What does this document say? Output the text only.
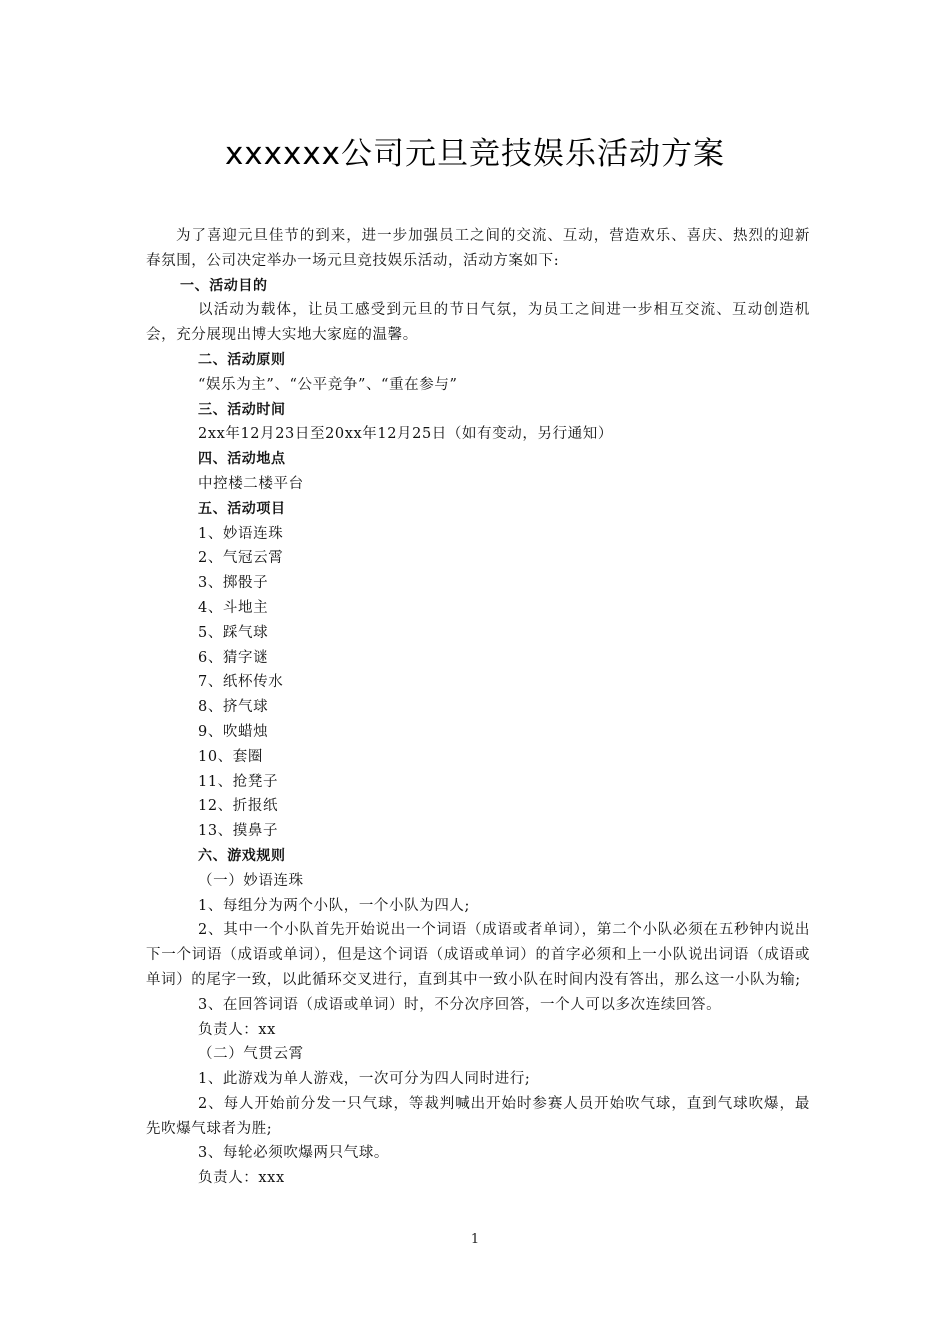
xxxxxx公司元旦竞技娱乐活动方案

为了喜迎元旦佳节的到来，进一步加强员工之间的交流、互动，营造欢乐、喜庆、热烈的迎新春氛围，公司决定举办一场元旦竞技娱乐活动，活动方案如下:

一、活动目的

以活动为载体，让员工感受到元旦的节日气氛，为员工之间进一步相互交流、互动创造机会，充分展现出博大实地大家庭的温馨。

二、活动原则

“娱乐为主”、“公平竞争”、“重在参与”

三、活动时间

2xx年12月23日至20xx年12月25日（如有变动，另行通知）

四、活动地点

中控楼二楼平台

五、活动项目

1、妙语连珠

2、气冠云霄

3、掷骰子

4、斗地主

5、踩气球

6、猜字谜

7、纸杯传水

8、挤气球

9、吹蜡烛

10、套圈

11、抢凳子

12、折报纸

13、摸鼻子

六、游戏规则

（一）妙语连珠

1、每组分为两个小队，一个小队为四人;

2、其中一个小队首先开始说出一个词语（成语或者单词），第二个小队必须在五秒钟内说出下一个词语（成语或单词），但是这个词语（成语或单词）的首字必须和上一小队说出词语（成语或单词）的尾字一致，以此循环交叉进行，直到其中一致小队在时间内没有答出，那么这一小队为输;

3、在回答词语（成语或单词）时，不分次序回答，一个人可以多次连续回答。

负责人：xx

（二）气贯云霄

1、此游戏为单人游戏，一次可分为四人同时进行;

2、每人开始前分发一只气球，等裁判喊出开始时参赛人员开始吹气球，直到气球吹爆，最先吹爆气球者为胜;

3、每轮必须吹爆两只气球。

负责人：xxx

1
